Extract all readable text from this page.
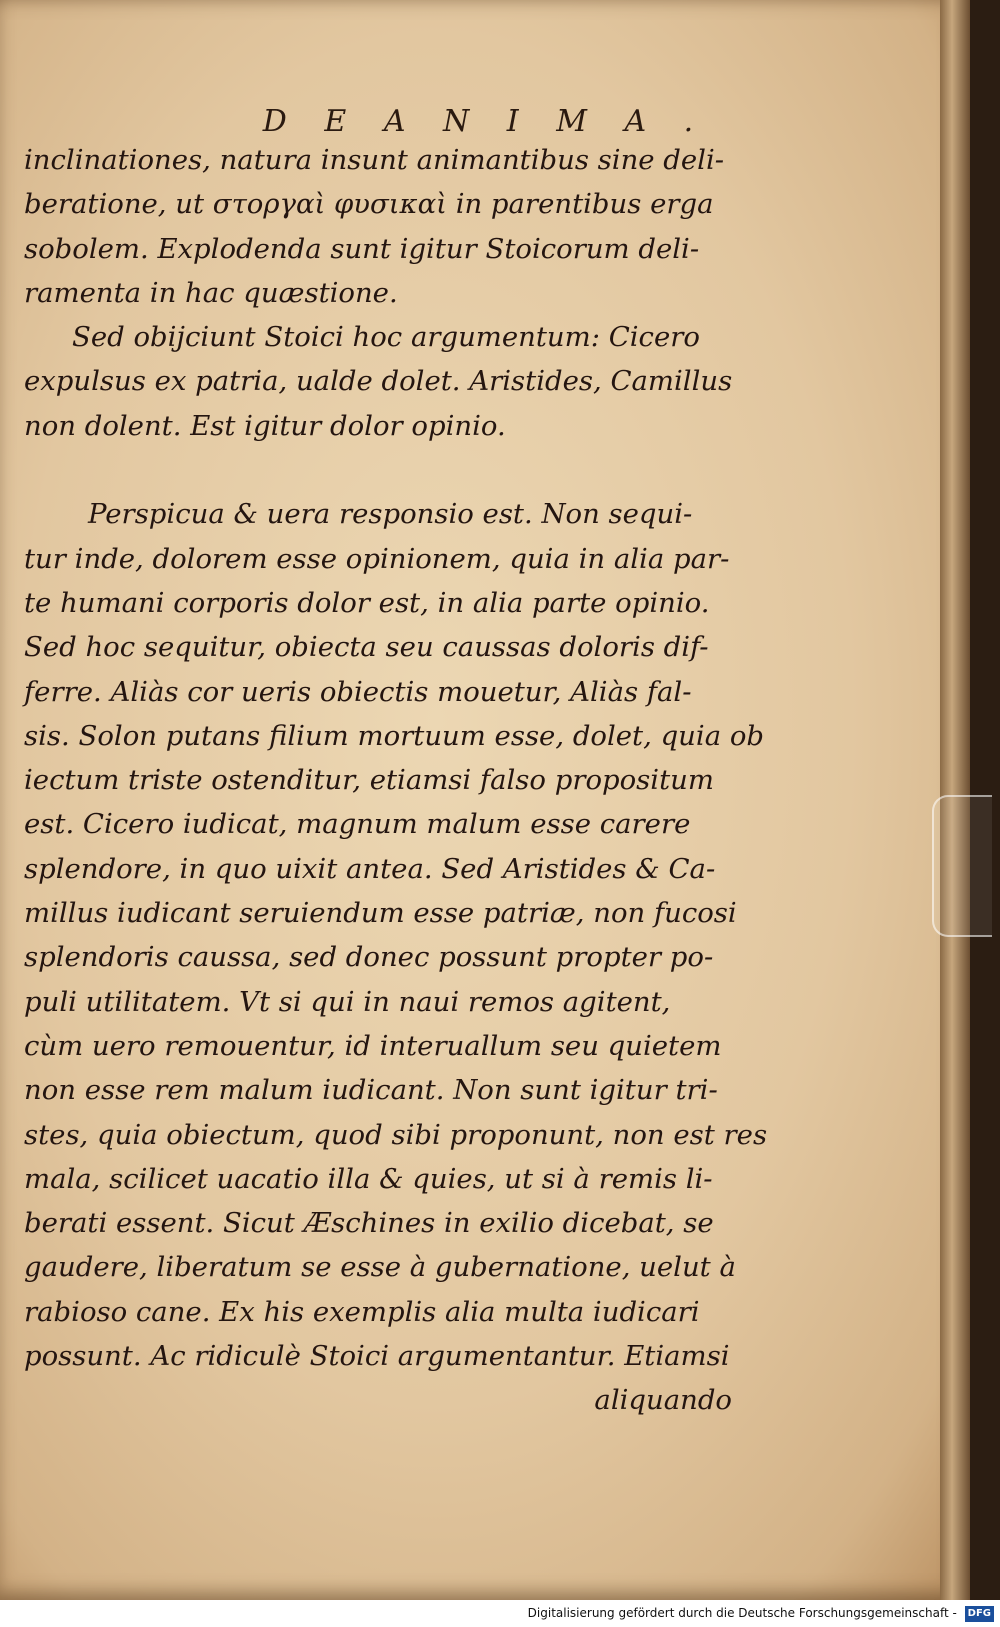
D E A N I M A .
inclinationes, natura insunt animantibus sine deli-
beratione, ut στοργαὶ φυσικαὶ in parentibus erga
sobolem. Explodenda sunt igitur Stoicorum deli-
ramenta in hac quæstione.
Sed obijciunt Stoici hoc argumentum: Cicero
expulsus ex patria, ualde dolet. Aristides, Camillus
non dolent. Est igitur dolor opinio.
Perspicua & uera responsio est. Non sequi-
tur inde, dolorem esse opinionem, quia in alia par-
te humani corporis dolor est, in alia parte opinio.
Sed hoc sequitur, obiecta seu caussas doloris dif-
ferre. Aliàs cor ueris obiectis mouetur, Aliàs fal-
sis. Solon putans filium mortuum esse, dolet, quia ob
iectum triste ostenditur, etiamsi falso propositum
est. Cicero iudicat, magnum malum esse carere
splendore, in quo uixit antea. Sed Aristides & Ca-
millus iudicant seruiendum esse patriæ, non fucosi
splendoris caussa, sed donec possunt propter po-
puli utilitatem. Vt si qui in naui remos agitent,
cùm uero remouentur, id interuallum seu quietem
non esse rem malum iudicant. Non sunt igitur tri-
stes, quia obiectum, quod sibi proponunt, non est res
mala, scilicet uacatio illa & quies, ut si à remis li-
berati essent. Sicut Æschines in exilio dicebat, se
gaudere, liberatum se esse à gubernatione, uelut à
rabioso cane. Ex his exemplis alia multa iudicari
possunt. Ac ridiculè Stoici argumentantur. Etiamsi
aliquando
Digitalisierung gefördert durch die Deutsche Forschungsgemeinschaft - DFG
